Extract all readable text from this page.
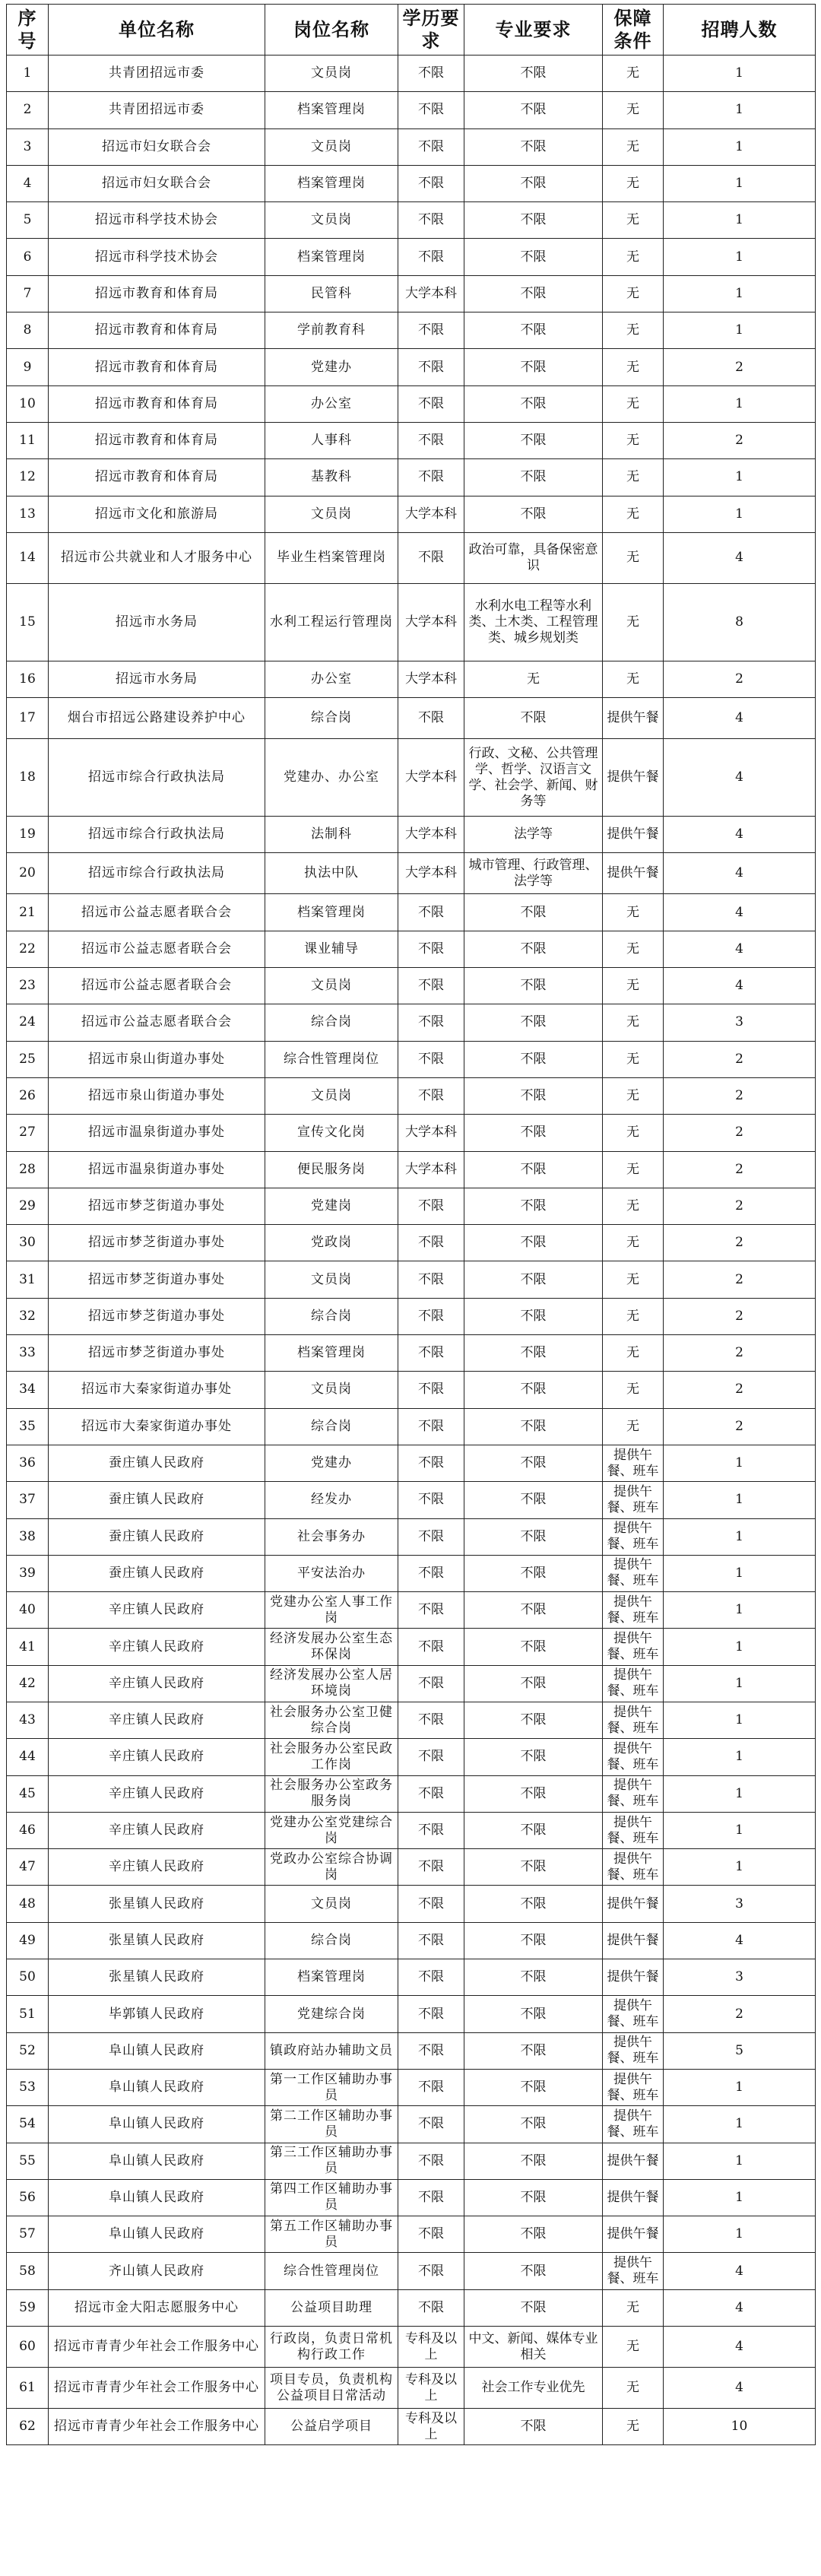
序号	单位名称	岗位名称	学历要求	专业要求	保障条件	招聘人数
1	共青团招远市委	文员岗	不限	不限	无	1
2	共青团招远市委	档案管理岗	不限	不限	无	1
3	招远市妇女联合会	文员岗	不限	不限	无	1
4	招远市妇女联合会	档案管理岗	不限	不限	无	1
5	招远市科学技术协会	文员岗	不限	不限	无	1
6	招远市科学技术协会	档案管理岗	不限	不限	无	1
7	招远市教育和体育局	民管科	大学本科	不限	无	1
8	招远市教育和体育局	学前教育科	不限	不限	无	1
9	招远市教育和体育局	党建办	不限	不限	无	2
10	招远市教育和体育局	办公室	不限	不限	无	1
11	招远市教育和体育局	人事科	不限	不限	无	2
12	招远市教育和体育局	基教科	不限	不限	无	1
13	招远市文化和旅游局	文员岗	大学本科	不限	无	1
14	招远市公共就业和人才服务中心	毕业生档案管理岗	不限	政治可靠，具备保密意识	无	4
15	招远市水务局	水利工程运行管理岗	大学本科	水利水电工程等水利类、土木类、工程管理类、城乡规划类	无	8
16	招远市水务局	办公室	大学本科	无	无	2
17	烟台市招远公路建设养护中心	综合岗	不限	不限	提供午餐	4
18	招远市综合行政执法局	党建办、办公室	大学本科	行政、文秘、公共管理学、哲学、汉语言文学、社会学、新闻、财务等	提供午餐	4
19	招远市综合行政执法局	法制科	大学本科	法学等	提供午餐	4
20	招远市综合行政执法局	执法中队	大学本科	城市管理、行政管理、法学等	提供午餐	4
21	招远市公益志愿者联合会	档案管理岗	不限	不限	无	4
22	招远市公益志愿者联合会	课业辅导	不限	不限	无	4
23	招远市公益志愿者联合会	文员岗	不限	不限	无	4
24	招远市公益志愿者联合会	综合岗	不限	不限	无	3
25	招远市泉山街道办事处	综合性管理岗位	不限	不限	无	2
26	招远市泉山街道办事处	文员岗	不限	不限	无	2
27	招远市温泉街道办事处	宣传文化岗	大学本科	不限	无	2
28	招远市温泉街道办事处	便民服务岗	大学本科	不限	无	2
29	招远市梦芝街道办事处	党建岗	不限	不限	无	2
30	招远市梦芝街道办事处	党政岗	不限	不限	无	2
31	招远市梦芝街道办事处	文员岗	不限	不限	无	2
32	招远市梦芝街道办事处	综合岗	不限	不限	无	2
33	招远市梦芝街道办事处	档案管理岗	不限	不限	无	2
34	招远市大秦家街道办事处	文员岗	不限	不限	无	2
35	招远市大秦家街道办事处	综合岗	不限	不限	无	2
36	蚕庄镇人民政府	党建办	不限	不限	提供午餐、班车	1
37	蚕庄镇人民政府	经发办	不限	不限	提供午餐、班车	1
38	蚕庄镇人民政府	社会事务办	不限	不限	提供午餐、班车	1
39	蚕庄镇人民政府	平安法治办	不限	不限	提供午餐、班车	1
40	辛庄镇人民政府	党建办公室人事工作岗	不限	不限	提供午餐、班车	1
41	辛庄镇人民政府	经济发展办公室生态环保岗	不限	不限	提供午餐、班车	1
42	辛庄镇人民政府	经济发展办公室人居环境岗	不限	不限	提供午餐、班车	1
43	辛庄镇人民政府	社会服务办公室卫健综合岗	不限	不限	提供午餐、班车	1
44	辛庄镇人民政府	社会服务办公室民政工作岗	不限	不限	提供午餐、班车	1
45	辛庄镇人民政府	社会服务办公室政务服务岗	不限	不限	提供午餐、班车	1
46	辛庄镇人民政府	党建办公室党建综合岗	不限	不限	提供午餐、班车	1
47	辛庄镇人民政府	党政办公室综合协调岗	不限	不限	提供午餐、班车	1
48	张星镇人民政府	文员岗	不限	不限	提供午餐	3
49	张星镇人民政府	综合岗	不限	不限	提供午餐	4
50	张星镇人民政府	档案管理岗	不限	不限	提供午餐	3
51	毕郭镇人民政府	党建综合岗	不限	不限	提供午餐、班车	2
52	阜山镇人民政府	镇政府站办辅助文员	不限	不限	提供午餐、班车	5
53	阜山镇人民政府	第一工作区辅助办事员	不限	不限	提供午餐、班车	1
54	阜山镇人民政府	第二工作区辅助办事员	不限	不限	提供午餐、班车	1
55	阜山镇人民政府	第三工作区辅助办事员	不限	不限	提供午餐	1
56	阜山镇人民政府	第四工作区辅助办事员	不限	不限	提供午餐	1
57	阜山镇人民政府	第五工作区辅助办事员	不限	不限	提供午餐	1
58	齐山镇人民政府	综合性管理岗位	不限	不限	提供午餐、班车	4
59	招远市金大阳志愿服务中心	公益项目助理	不限	不限	无	4
60	招远市青青少年社会工作服务中心	行政岗，负责日常机构行政工作	专科及以上	中文、新闻、媒体专业相关	无	4
61	招远市青青少年社会工作服务中心	项目专员，负责机构公益项目日常活动	专科及以上	社会工作专业优先	无	4
62	招远市青青少年社会工作服务中心	公益启学项目	专科及以上	不限	无	10
